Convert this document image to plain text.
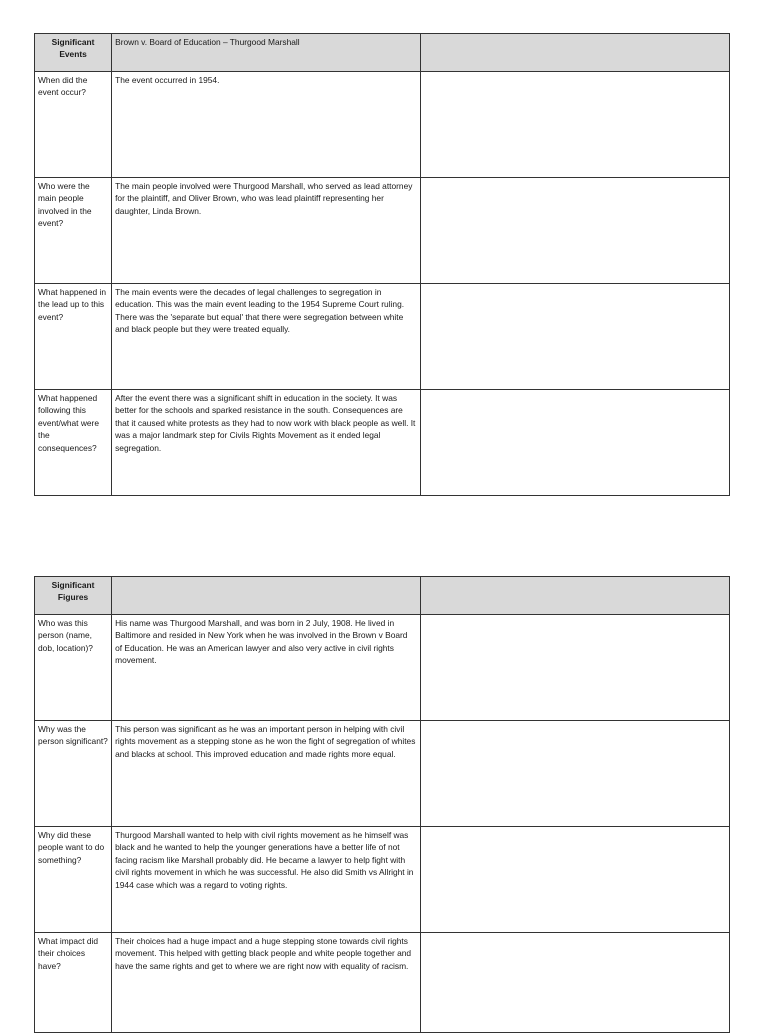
Significant Events	Brown v. Board of Education – Thurgood Marshall	
When did the event occur?	The event occurred in 1954.	
Who were the main people involved in the event?	The main people involved were Thurgood Marshall, who served as lead attorney for the plaintiff, and Oliver Brown, who was lead plaintiff representing her daughter, Linda Brown.	
What happened in the lead up to this event?	The main events were the decades of legal challenges to segregation in education. This was the main event leading to the 1954 Supreme Court ruling. There was the 'separate but equal' that there were segregation between white and black people but they were treated equally.	
What happened following this event/what were the consequences?	After the event there was a significant shift in education in the society. It was better for the schools and sparked resistance in the south. Consequences are that it caused white protests as they had to now work with black people as well. It was a major landmark step for Civils Rights Movement as it ended legal segregation.	
Significant Figures		
Who was this person (name, dob, location)?	His name was Thurgood Marshall, and was born in 2 July, 1908. He lived in Baltimore and resided in New York when he was involved in the Brown v Board of Education. He was an American lawyer and also very active in civil rights movement.	
Why was the person significant?	This person was significant as he was an important person in helping with civil rights movement as a stepping stone as he won the fight of segregation of whites and blacks at school. This improved education and made rights more equal.	
Why did these people want to do something?	Thurgood Marshall wanted to help with civil rights movement as he himself was black and he wanted to help the younger generations have a better life of not facing racism like Marshall probably did. He became a lawyer to help fight with civil rights movement in which he was successful. He also did Smith vs Allright in 1944 case which was a regard to voting rights.	
What impact did their choices have?	Their choices had a huge impact and a huge stepping stone towards civil rights movement. This helped with getting black people and white people together and have the same rights and get to where we are right now with equality of racism.	
